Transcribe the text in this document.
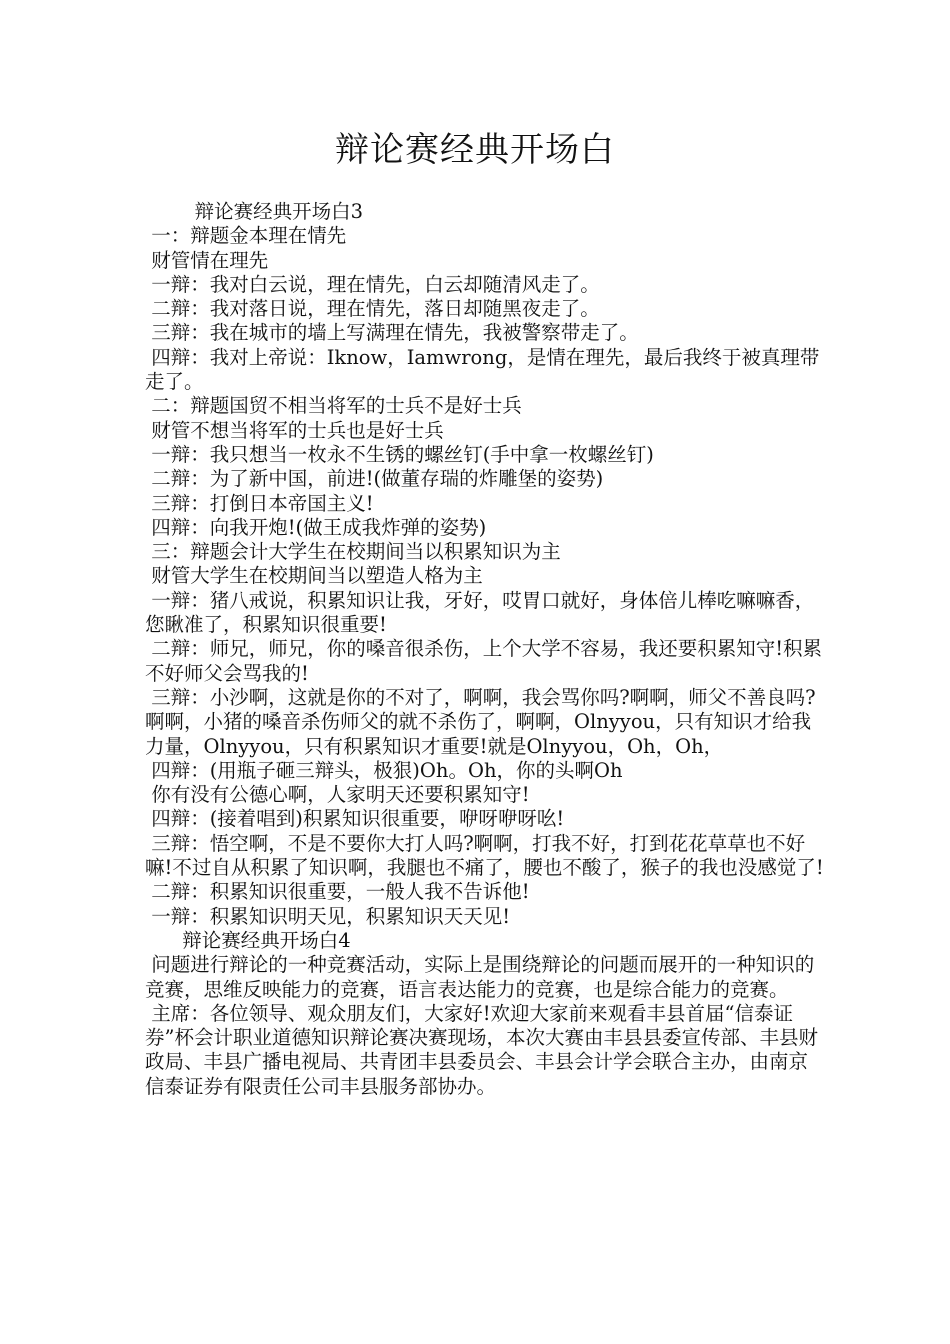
辩论赛经典开场白

辩论赛经典开场白3

一：辩题金本理在情先

财管情在理先

一辩：我对白云说，理在情先，白云却随清风走了。

二辩：我对落日说，理在情先，落日却随黑夜走了。

三辩：我在城市的墙上写满理在情先，我被警察带走了。

四辩：我对上帝说：Iknow，Iamwrong，是情在理先，最后我终于被真理带走了。

二：辩题国贸不相当将军的士兵不是好士兵

财管不想当将军的士兵也是好士兵

一辩：我只想当一枚永不生锈的螺丝钉(手中拿一枚螺丝钉)

二辩：为了新中国，前进!(做董存瑞的炸雕堡的姿势)

三辩：打倒日本帝国主义!

四辩：向我开炮!(做王成我炸弹的姿势)

三：辩题会计大学生在校期间当以积累知识为主

财管大学生在校期间当以塑造人格为主

一辩：猪八戒说，积累知识让我，牙好，哎胃口就好，身体倍儿棒吃嘛嘛香，您瞅准了，积累知识很重要!

二辩：师兄，师兄，你的嗓音很杀伤，上个大学不容易，我还要积累知守!积累不好师父会骂我的!

三辩：小沙啊，这就是你的不对了，啊啊，我会骂你吗?啊啊，师父不善良吗?啊啊，小猪的嗓音杀伤师父的就不杀伤了，啊啊，Olnyyou，只有知识才给我力量，Olnyyou，只有积累知识才重要!就是Olnyyou，Oh，Oh，

四辩：(用瓶子砸三辩头，极狠)Oh。Oh，你的头啊Oh

你有没有公德心啊，人家明天还要积累知守!

四辩：(接着唱到)积累知识很重要，咿呀咿呀吆!

三辩：悟空啊，不是不要你大打人吗?啊啊，打我不好，打到花花草草也不好嘛!不过自从积累了知识啊，我腿也不痛了，腰也不酸了，猴子的我也没感觉了!

二辩：积累知识很重要，一般人我不告诉他!

一辩：积累知识明天见，积累知识天天见!

辩论赛经典开场白4

问题进行辩论的一种竞赛活动，实际上是围绕辩论的问题而展开的一种知识的竞赛，思维反映能力的竞赛，语言表达能力的竞赛，也是综合能力的竞赛。

主席：各位领导、观众朋友们，大家好!欢迎大家前来观看丰县首届“信泰证券”杯会计职业道德知识辩论赛决赛现场，本次大赛由丰县县委宣传部、丰县财政局、丰县广播电视局、共青团丰县委员会、丰县会计学会联合主办，由南京信泰证券有限责任公司丰县服务部协办。
